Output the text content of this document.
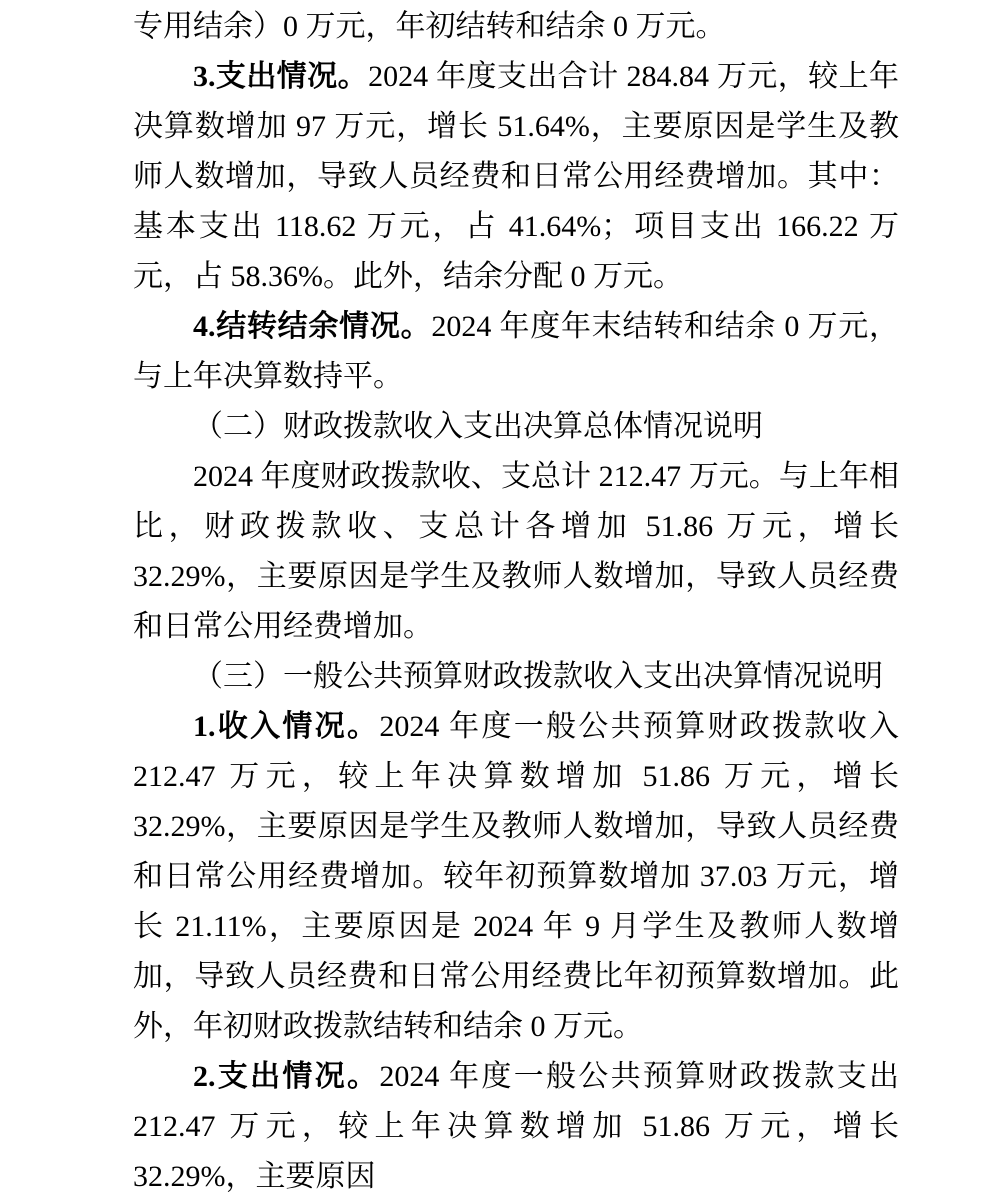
专用结余）0 万元，年初结转和结余 0 万元。

3.支出情况。2024 年度支出合计 284.84 万元，较上年决算数增加 97 万元，增长 51.64%，主要原因是学生及教师人数增加，导致人员经费和日常公用经费增加。其中：基本支出 118.62 万元，占 41.64%；项目支出 166.22 万元，占 58.36%。此外，结余分配 0 万元。

4.结转结余情况。2024 年度年末结转和结余 0 万元，与上年决算数持平。

（二）财政拨款收入支出决算总体情况说明

2024 年度财政拨款收、支总计 212.47 万元。与上年相比，财政拨款收、支总计各增加 51.86 万元，增长 32.29%，主要原因是学生及教师人数增加，导致人员经费和日常公用经费增加。

（三）一般公共预算财政拨款收入支出决算情况说明

1.收入情况。2024 年度一般公共预算财政拨款收入 212.47 万元，较上年决算数增加 51.86 万元，增长 32.29%，主要原因是学生及教师人数增加，导致人员经费和日常公用经费增加。较年初预算数增加 37.03 万元，增长 21.11%，主要原因是 2024 年 9 月学生及教师人数增加，导致人员经费和日常公用经费比年初预算数增加。此外，年初财政拨款结转和结余 0 万元。

2.支出情况。2024 年度一般公共预算财政拨款支出 212.47 万元，较上年决算数增加 51.86 万元，增长 32.29%，主要原因
